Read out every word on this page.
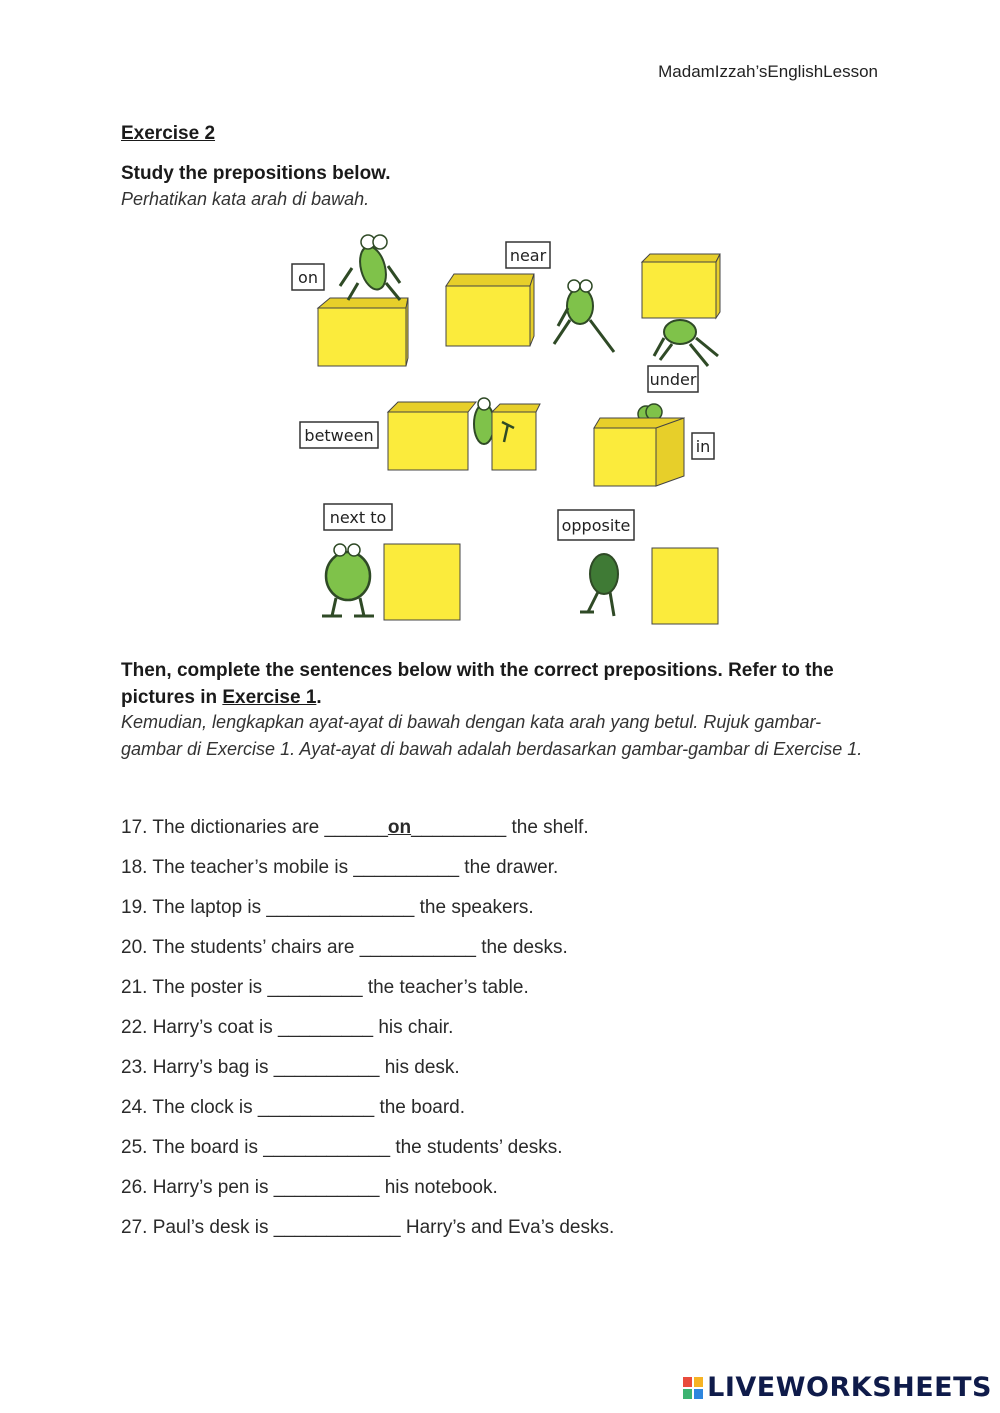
MadamIzzah’sEnglishLesson
Exercise 2
Study the prepositions below.
Perhatikan kata arah di bawah.
on
near
under
between
in
next to	opposite
Then, complete the sentences below with the correct prepositions. Refer to the pictures in Exercise 1.
Kemudian, lengkapkan ayat-ayat di bawah dengan kata arah yang betul. Rujuk gambar-gambar di Exercise 1. Ayat-ayat di bawah adalah berdasarkan gambar-gambar di Exercise 1.
17. The dictionaries are ______on_________ the shelf.
18. The teacher’s mobile is __________ the drawer.
19. The laptop is ______________ the speakers.
20. The students’ chairs are ___________ the desks.
21. The poster is _________ the teacher’s table.
22. Harry’s coat is _________ his chair.
23. Harry’s bag is __________ his desk.
24. The clock is ___________ the board.
25. The board is ____________ the students’ desks.
26. Harry’s pen is __________ his notebook.
27. Paul’s desk is ____________ Harry’s and Eva’s desks.
LIVEWORKSHEETS
